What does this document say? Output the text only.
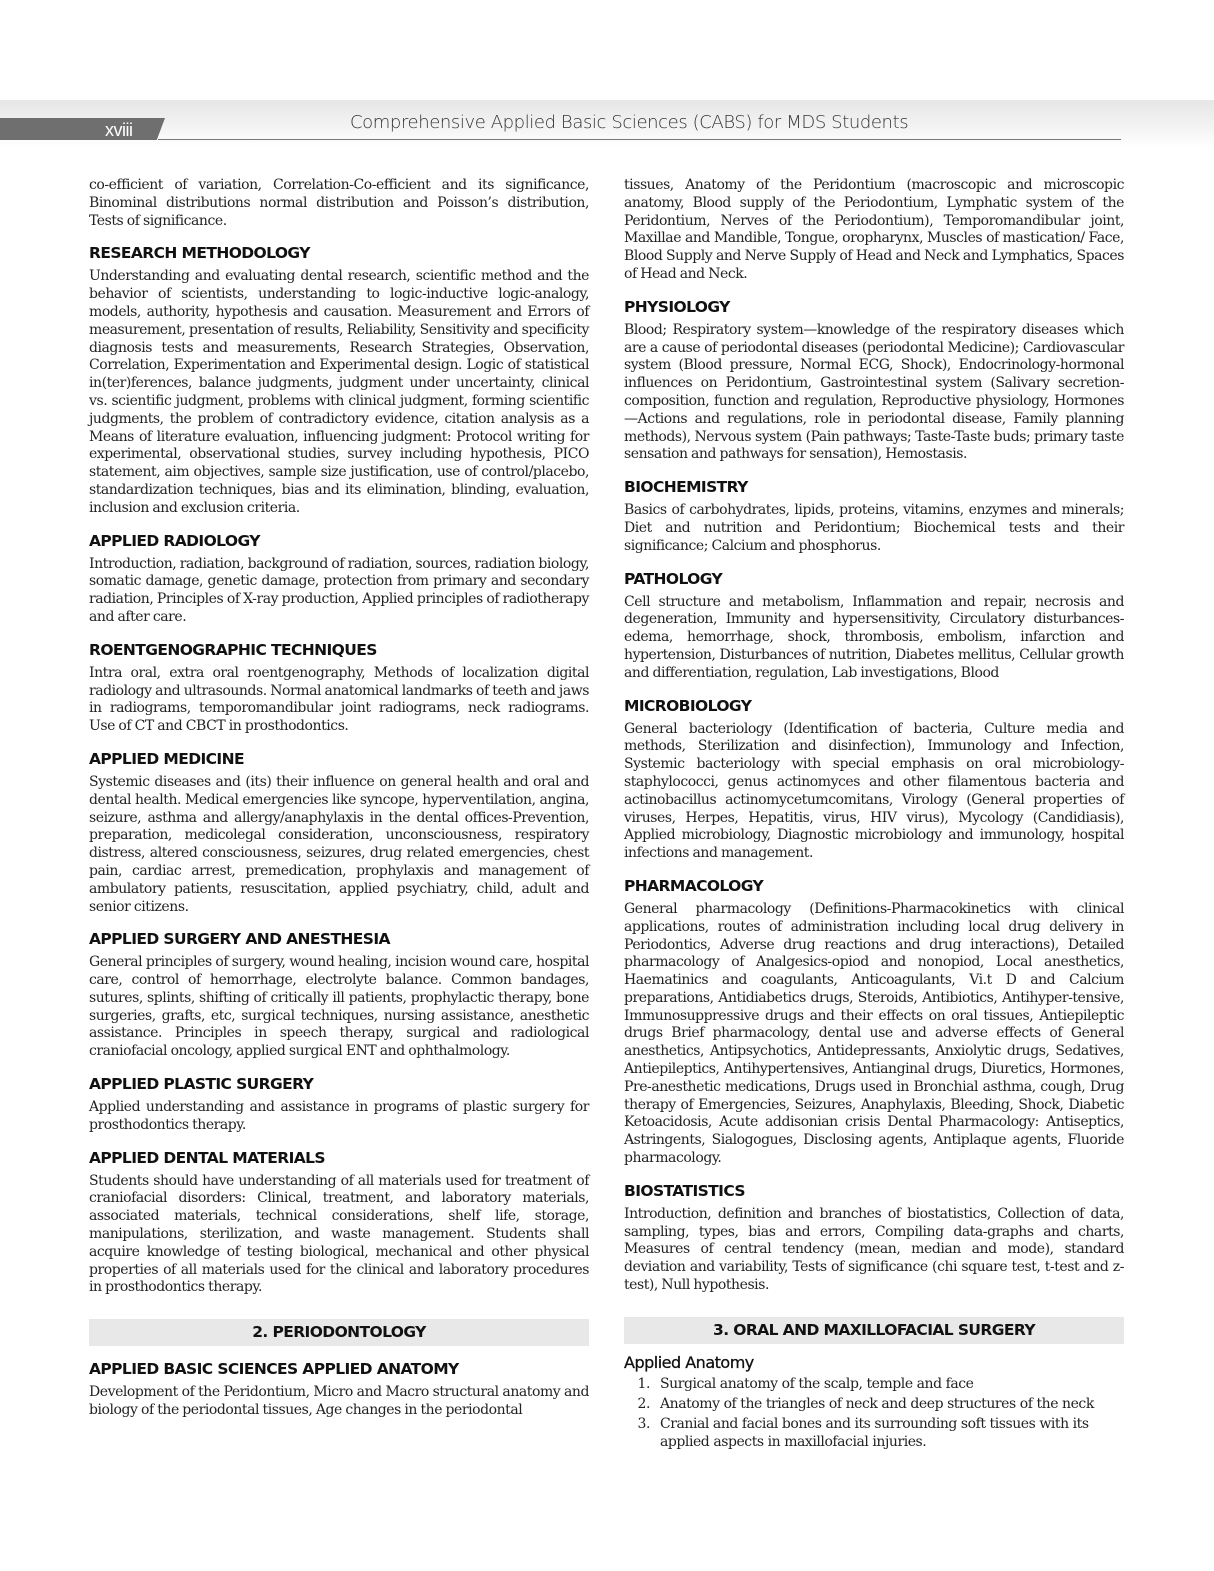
xviii	Comprehensive Applied Basic Sciences (CABS) for MDS Students

co-efficient of variation, Correlation-Co-efficient and its significance, Binominal distributions normal distribution and Poisson’s distribution, Tests of significance.

RESEARCH METHODOLOGY

Understanding and evaluating dental research, scientific method and the behavior of scientists, understanding to logic-inductive logic-analogy, models, authority, hypothesis and causation. Measurement and Errors of measurement, presentation of results, Reliability, Sensitivity and specificity diagnosis tests and measurements, Research Strategies, Observation, Correlation, Experimentation and Experimental design. Logic of statistical in(ter)ferences, balance judgments, judgment under uncertainty, clinical vs. scientific judgment, problems with clinical judgment, forming scientific judgments, the problem of contradictory evidence, citation analysis as a Means of literature evaluation, influencing judgment: Protocol writing for experimental, observational studies, survey including hypothesis, PICO statement, aim objectives, sample size justification, use of control/placebo, standardization techniques, bias and its elimination, blinding, evaluation, inclusion and exclusion criteria.

APPLIED RADIOLOGY

Introduction, radiation, background of radiation, sources, radiation biology, somatic damage, genetic damage, protection from primary and secondary radiation, Principles of X-ray production, Applied principles of radiotherapy and after care.

ROENTGENOGRAPHIC TECHNIQUES

Intra oral, extra oral roentgenography, Methods of localization digital radiology and ultrasounds. Normal anatomical landmarks of teeth and jaws in radiograms, temporomandibular joint radiograms, neck radiograms. Use of CT and CBCT in prosthodontics.

APPLIED MEDICINE

Systemic diseases and (its) their influence on general health and oral and dental health. Medical emergencies like syncope, hyperventilation, angina, seizure, asthma and allergy/anaphylaxis in the dental offices-Prevention, preparation, medicolegal consideration, unconsciousness, respiratory distress, altered consciousness, seizures, drug related emergencies, chest pain, cardiac arrest, premedication, prophylaxis and management of ambulatory patients, resuscitation, applied psychiatry, child, adult and senior citizens.

APPLIED SURGERY AND ANESTHESIA

General principles of surgery, wound healing, incision wound care, hospital care, control of hemorrhage, electrolyte balance. Common bandages, sutures, splints, shifting of critically ill patients, prophylactic therapy, bone surgeries, grafts, etc, surgical techniques, nursing assistance, anesthetic assistance. Principles in speech therapy, surgical and radiological craniofacial oncology, applied surgical ENT and ophthalmology.

APPLIED PLASTIC SURGERY

Applied understanding and assistance in programs of plastic surgery for prosthodontics therapy.

APPLIED DENTAL MATERIALS

Students should have understanding of all materials used for treatment of craniofacial disorders: Clinical, treatment, and laboratory materials, associated materials, technical considerations, shelf life, storage, manipulations, sterilization, and waste management. Students shall acquire knowledge of testing biological, mechanical and other physical properties of all materials used for the clinical and laboratory procedures in prosthodontics therapy.

2. PERIODONTOLOGY
APPLIED BASIC SCIENCES APPLIED ANATOMY

Development of the Peridontium, Micro and Macro structural anatomy and biology of the periodontal tissues, Age changes in the periodontal

tissues, Anatomy of the Peridontium (macroscopic and microscopic anatomy, Blood supply of the Periodontium, Lymphatic system of the Peridontium, Nerves of the Periodontium), Temporomandibular joint, Maxillae and Mandible, Tongue, oropharynx, Muscles of mastication/ Face, Blood Supply and Nerve Supply of Head and Neck and Lymphatics, Spaces of Head and Neck.

PHYSIOLOGY

Blood; Respiratory system—knowledge of the respiratory diseases which are a cause of periodontal diseases (periodontal Medicine); Cardiovascular system (Blood pressure, Normal ECG, Shock), Endocrinology-hormonal influences on Peridontium, Gastrointestinal system (Salivary secretion-composition, function and regulation, Reproductive physiology, Hormones—Actions and regulations, role in periodontal disease, Family planning methods), Nervous system (Pain pathways; Taste-Taste buds; primary taste sensation and pathways for sensation), Hemostasis.

BIOCHEMISTRY

Basics of carbohydrates, lipids, proteins, vitamins, enzymes and minerals; Diet and nutrition and Peridontium; Biochemical tests and their significance; Calcium and phosphorus.

PATHOLOGY

Cell structure and metabolism, Inflammation and repair, necrosis and degeneration, Immunity and hypersensitivity, Circulatory disturbances-edema, hemorrhage, shock, thrombosis, embolism, infarction and hypertension, Disturbances of nutrition, Diabetes mellitus, Cellular growth and differentiation, regulation, Lab investigations, Blood

MICROBIOLOGY

General bacteriology (Identification of bacteria, Culture media and methods, Sterilization and disinfection), Immunology and Infection, Systemic bacteriology with special emphasis on oral microbiology-staphylococci, genus actinomyces and other filamentous bacteria and actinobacillus actinomycetumcomitans, Virology (General properties of viruses, Herpes, Hepatitis, virus, HIV virus), Mycology (Candidiasis), Applied microbiology, Diagnostic microbiology and immunology, hospital infections and management.

PHARMACOLOGY

General pharmacology (Definitions-Pharmacokinetics with clinical applications, routes of administration including local drug delivery in Periodontics, Adverse drug reactions and drug interactions), Detailed pharmacology of Analgesics-opiod and nonopiod, Local anesthetics, Haematinics and coagulants, Anticoagulants, Vi.t D and Calcium preparations, Antidiabetics drugs, Steroids, Antibiotics, Antihyper-tensive, Immunosuppressive drugs and their effects on oral tissues, Antiepileptic drugs Brief pharmacology, dental use and adverse effects of General anesthetics, Antipsychotics, Antidepressants, Anxiolytic drugs, Sedatives, Antiepileptics, Antihypertensives, Antianginal drugs, Diuretics, Hormones, Pre-anesthetic medications, Drugs used in Bronchial asthma, cough, Drug therapy of Emergencies, Seizures, Anaphylaxis, Bleeding, Shock, Diabetic Ketoacidosis, Acute addisonian crisis Dental Pharmacology: Antiseptics, Astringents, Sialogogues, Disclosing agents, Antiplaque agents, Fluoride pharmacology.

BIOSTATISTICS

Introduction, definition and branches of biostatistics, Collection of data, sampling, types, bias and errors, Compiling data-graphs and charts, Measures of central tendency (mean, median and mode), standard deviation and variability, Tests of significance (chi square test, t-test and z-test), Null hypothesis.

3. ORAL AND MAXILLOFACIAL SURGERY
Applied Anatomy
1. Surgical anatomy of the scalp, temple and face
2. Anatomy of the triangles of neck and deep structures of the neck
3. Cranial and facial bones and its surrounding soft tissues with its applied aspects in maxillofacial injuries.
